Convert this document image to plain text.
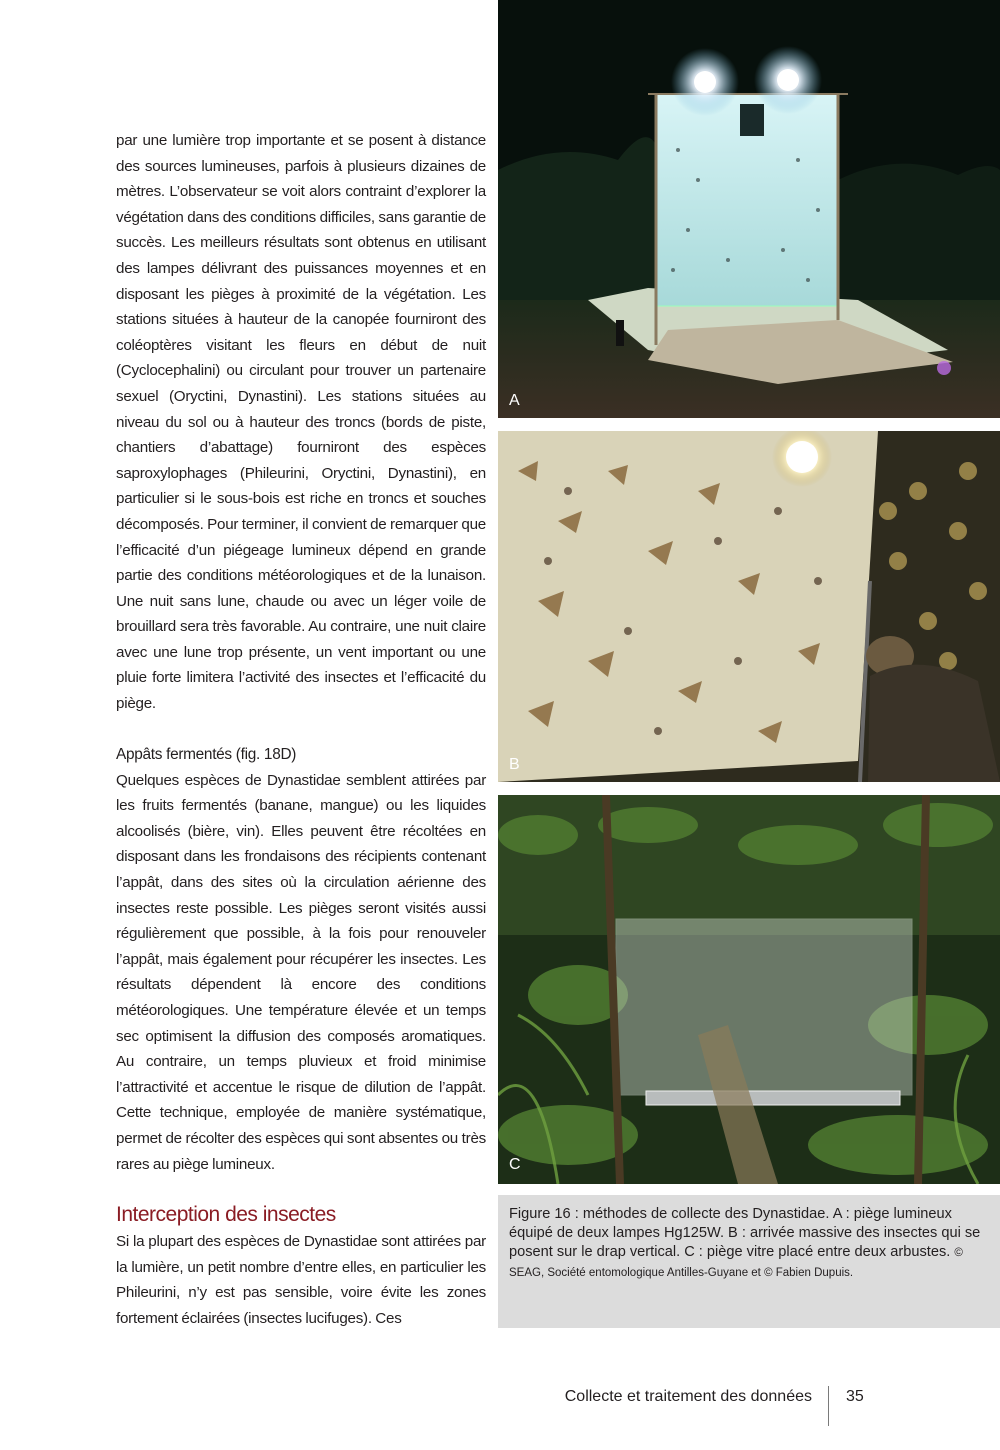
par une lumière trop importante et se posent à distance des sources lumineuses, parfois à plusieurs dizaines de mètres. L’observateur se voit alors contraint d’explorer la végétation dans des conditions difficiles, sans garantie de succès. Les meilleurs résultats sont obtenus en utilisant des lampes délivrant des puissances moyennes et en disposant les pièges à proximité de la végétation. Les stations situées à hauteur de la canopée fourniront des coléoptères visitant les fleurs en début de nuit (Cyclocephalini) ou circulant pour trouver un partenaire sexuel (Oryctini, Dynastini). Les stations situées au niveau du sol ou à hauteur des troncs (bords de piste, chantiers d’abattage) fourniront des espèces saproxylophages (Phileurini, Oryctini, Dynastini), en particulier si le sous-bois est riche en troncs et souches décomposés. Pour terminer, il convient de remarquer que l’efficacité d’un piégeage lumineux dépend en grande partie des conditions météorologiques et de la lunaison. Une nuit sans lune, chaude ou avec un léger voile de brouillard sera très favorable. Au contraire, une nuit claire avec une lune trop présente, un vent important ou une pluie forte limitera l’activité des insectes et l’efficacité du piège.

Appâts fermentés (fig. 18D)

Quelques espèces de Dynastidae semblent attirées par les fruits fermentés (banane, mangue) ou les liquides alcoolisés (bière, vin). Elles peuvent être récoltées en disposant dans les frondaisons des récipients contenant l’appât, dans des sites où la circulation aérienne des insectes reste possible. Les pièges seront visités aussi régulièrement que possible, à la fois pour renouveler l’appât, mais également pour récupérer les insectes. Les résultats dépendent là encore des conditions météorologiques. Une température élevée et un temps sec optimisent la diffusion des composés aromatiques. Au contraire, un temps pluvieux et froid minimise l’attractivité et accentue le risque de dilution de l’appât. Cette technique, employée de manière systématique, permet de récolter des espèces qui sont absentes ou très rares au piège lumineux.

Interception des insectes

Si la plupart des espèces de Dynastidae sont attirées par la lumière, un petit nombre d’entre elles, en particulier les Phileurini, n’y est pas sensible, voire évite les zones fortement éclairées (insectes lucifuges). Ces

A
B
C
Figure 16 : méthodes de collecte des Dynastidae. A : piège lumineux équipé de deux lampes Hg125W. B : arrivée massive des insectes qui se posent sur le drap vertical. C : piège vitre placé entre deux arbustes. © SEAG, Société entomologique Antilles-Guyane et © Fabien Dupuis.
Collecte et traitement des données 35
